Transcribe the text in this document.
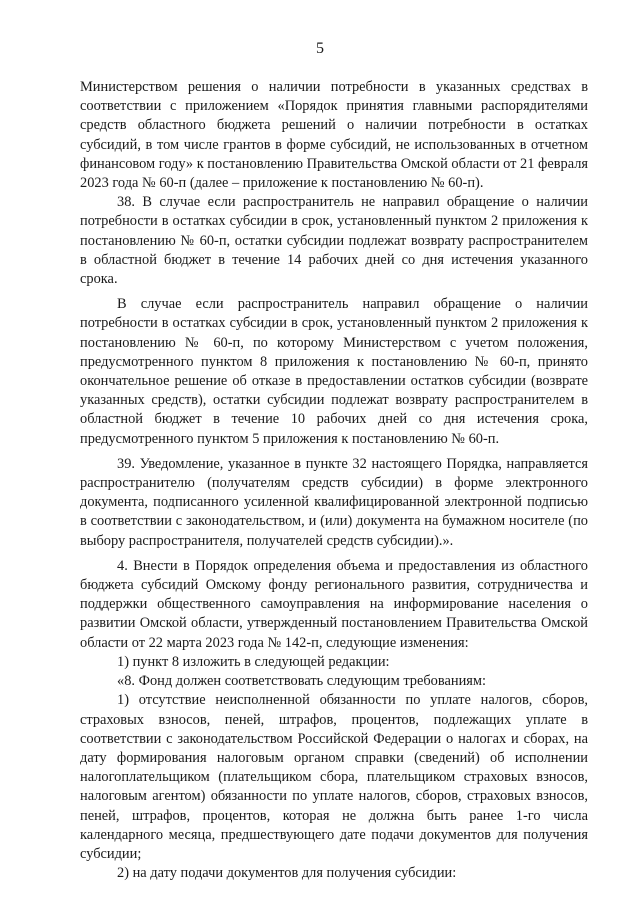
5

Министерством решения о наличии потребности в указанных средствах в соответствии с приложением «Порядок принятия главными распорядителями средств областного бюджета решений о наличии потребности в остатках субсидий, в том числе грантов в форме субсидий, не использованных в отчетном финансовом году» к постановлению Правительства Омской области от 21 февраля 2023 года № 60-п (далее – приложение к постановлению № 60-п).

38. В случае если распространитель не направил обращение о наличии потребности в остатках субсидии в срок, установленный пунктом 2 приложения к постановлению № 60-п, остатки субсидии подлежат возврату распространителем в областной бюджет в течение 14 рабочих дней со дня истечения указанного срока.

В случае если распространитель направил обращение о наличии потребности в остатках субсидии в срок, установленный пунктом 2 приложения к постановлению № 60-п, по которому Министерством с учетом положения, предусмотренного пунктом 8 приложения к постановлению № 60-п, принято окончательное решение об отказе в предоставлении остатков субсидии (возврате указанных средств), остатки субсидии подлежат возврату распространителем в областной бюджет в течение 10 рабочих дней со дня истечения срока, предусмотренного пунктом 5 приложения к постановлению № 60-п.

39. Уведомление, указанное в пункте 32 настоящего Порядка, направляется распространителю (получателям средств субсидии) в форме электронного документа, подписанного усиленной квалифицированной электронной подписью в соответствии с законодательством, и (или) документа на бумажном носителе (по выбору распространителя, получателей средств субсидии).».

4. Внести в Порядок определения объема и предоставления из областного бюджета субсидий Омскому фонду регионального развития, сотрудничества и поддержки общественного самоуправления на информирование населения о развитии Омской области, утвержденный постановлением Правительства Омской области от 22 марта 2023 года № 142-п, следующие изменения:

1) пункт 8 изложить в следующей редакции:

«8. Фонд должен соответствовать следующим требованиям:

1) отсутствие неисполненной обязанности по уплате налогов, сборов, страховых взносов, пеней, штрафов, процентов, подлежащих уплате в соответствии с законодательством Российской Федерации о налогах и сборах, на дату формирования налоговым органом справки (сведений) об исполнении налогоплательщиком (плательщиком сбора, плательщиком страховых взносов, налоговым агентом) обязанности по уплате налогов, сборов, страховых взносов, пеней, штрафов, процентов, которая не должна быть ранее 1-го числа календарного месяца, предшествующего дате подачи документов для получения субсидии;

2) на дату подачи документов для получения субсидии:
